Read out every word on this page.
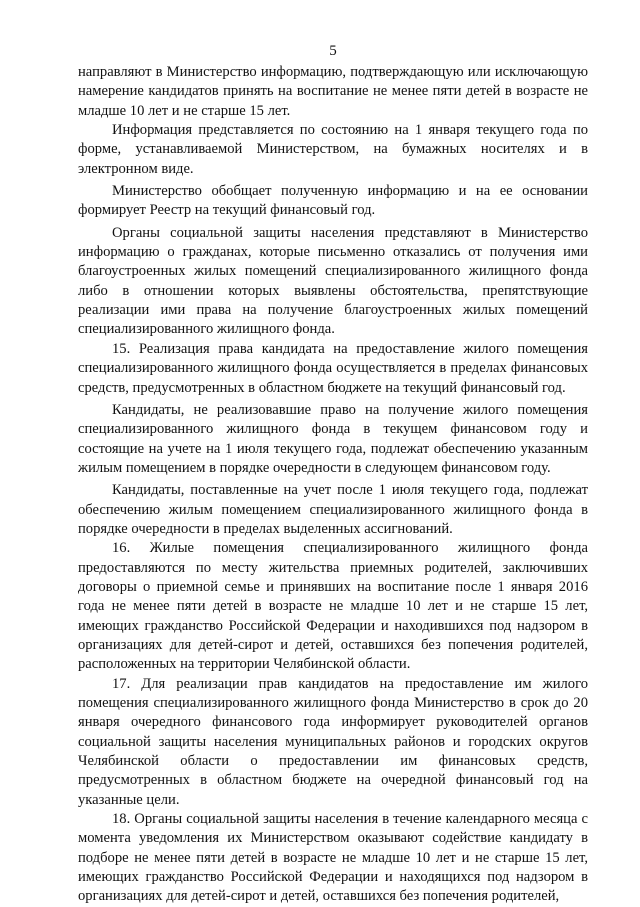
5

направляют в Министерство информацию, подтверждающую или исключающую намерение кандидатов принять на воспитание не менее пяти детей в возрасте не младше 10 лет и не старше 15 лет.

Информация представляется по состоянию на 1 января текущего года по форме, устанавливаемой Министерством, на бумажных носителях и в электронном виде.

Министерство обобщает полученную информацию и на ее основании формирует Реестр на текущий финансовый год.

Органы социальной защиты населения представляют в Министерство информацию о гражданах, которые письменно отказались от получения ими благоустроенных жилых помещений специализированного жилищного фонда либо в отношении которых выявлены обстоятельства, препятствующие реализации ими права на получение благоустроенных жилых помещений специализированного жилищного фонда.

15. Реализация права кандидата на предоставление жилого помещения специализированного жилищного фонда осуществляется в пределах финансовых средств, предусмотренных в областном бюджете на текущий финансовый год.

Кандидаты, не реализовавшие право на получение жилого помещения специализированного жилищного фонда в текущем финансовом году и состоящие на учете на 1 июля текущего года, подлежат обеспечению указанным жилым помещением в порядке очередности в следующем финансовом году.

Кандидаты, поставленные на учет после 1 июля текущего года, подлежат обеспечению жилым помещением специализированного жилищного фонда в порядке очередности в пределах выделенных ассигнований.

16. Жилые помещения специализированного жилищного фонда предоставляются по месту жительства приемных родителей, заключивших договоры о приемной семье и принявших на воспитание после 1 января 2016 года не менее пяти детей в возрасте не младше 10 лет и не старше 15 лет, имеющих гражданство Российской Федерации и находившихся под надзором в организациях для детей-сирот и детей, оставшихся без попечения родителей, расположенных на территории Челябинской области.

17. Для реализации прав кандидатов на предоставление им жилого помещения специализированного жилищного фонда Министерство в срок до 20 января очередного финансового года информирует руководителей органов социальной защиты населения муниципальных районов и городских округов Челябинской области о предоставлении им финансовых средств, предусмотренных в областном бюджете на очередной финансовый год на указанные цели.

18. Органы социальной защиты населения в течение календарного месяца с момента уведомления их Министерством оказывают содействие кандидату в подборе не менее пяти детей в возрасте не младше 10 лет и не старше 15 лет, имеющих гражданство Российской Федерации и находящихся под надзором в организациях для детей-сирот и детей, оставшихся без попечения родителей,
